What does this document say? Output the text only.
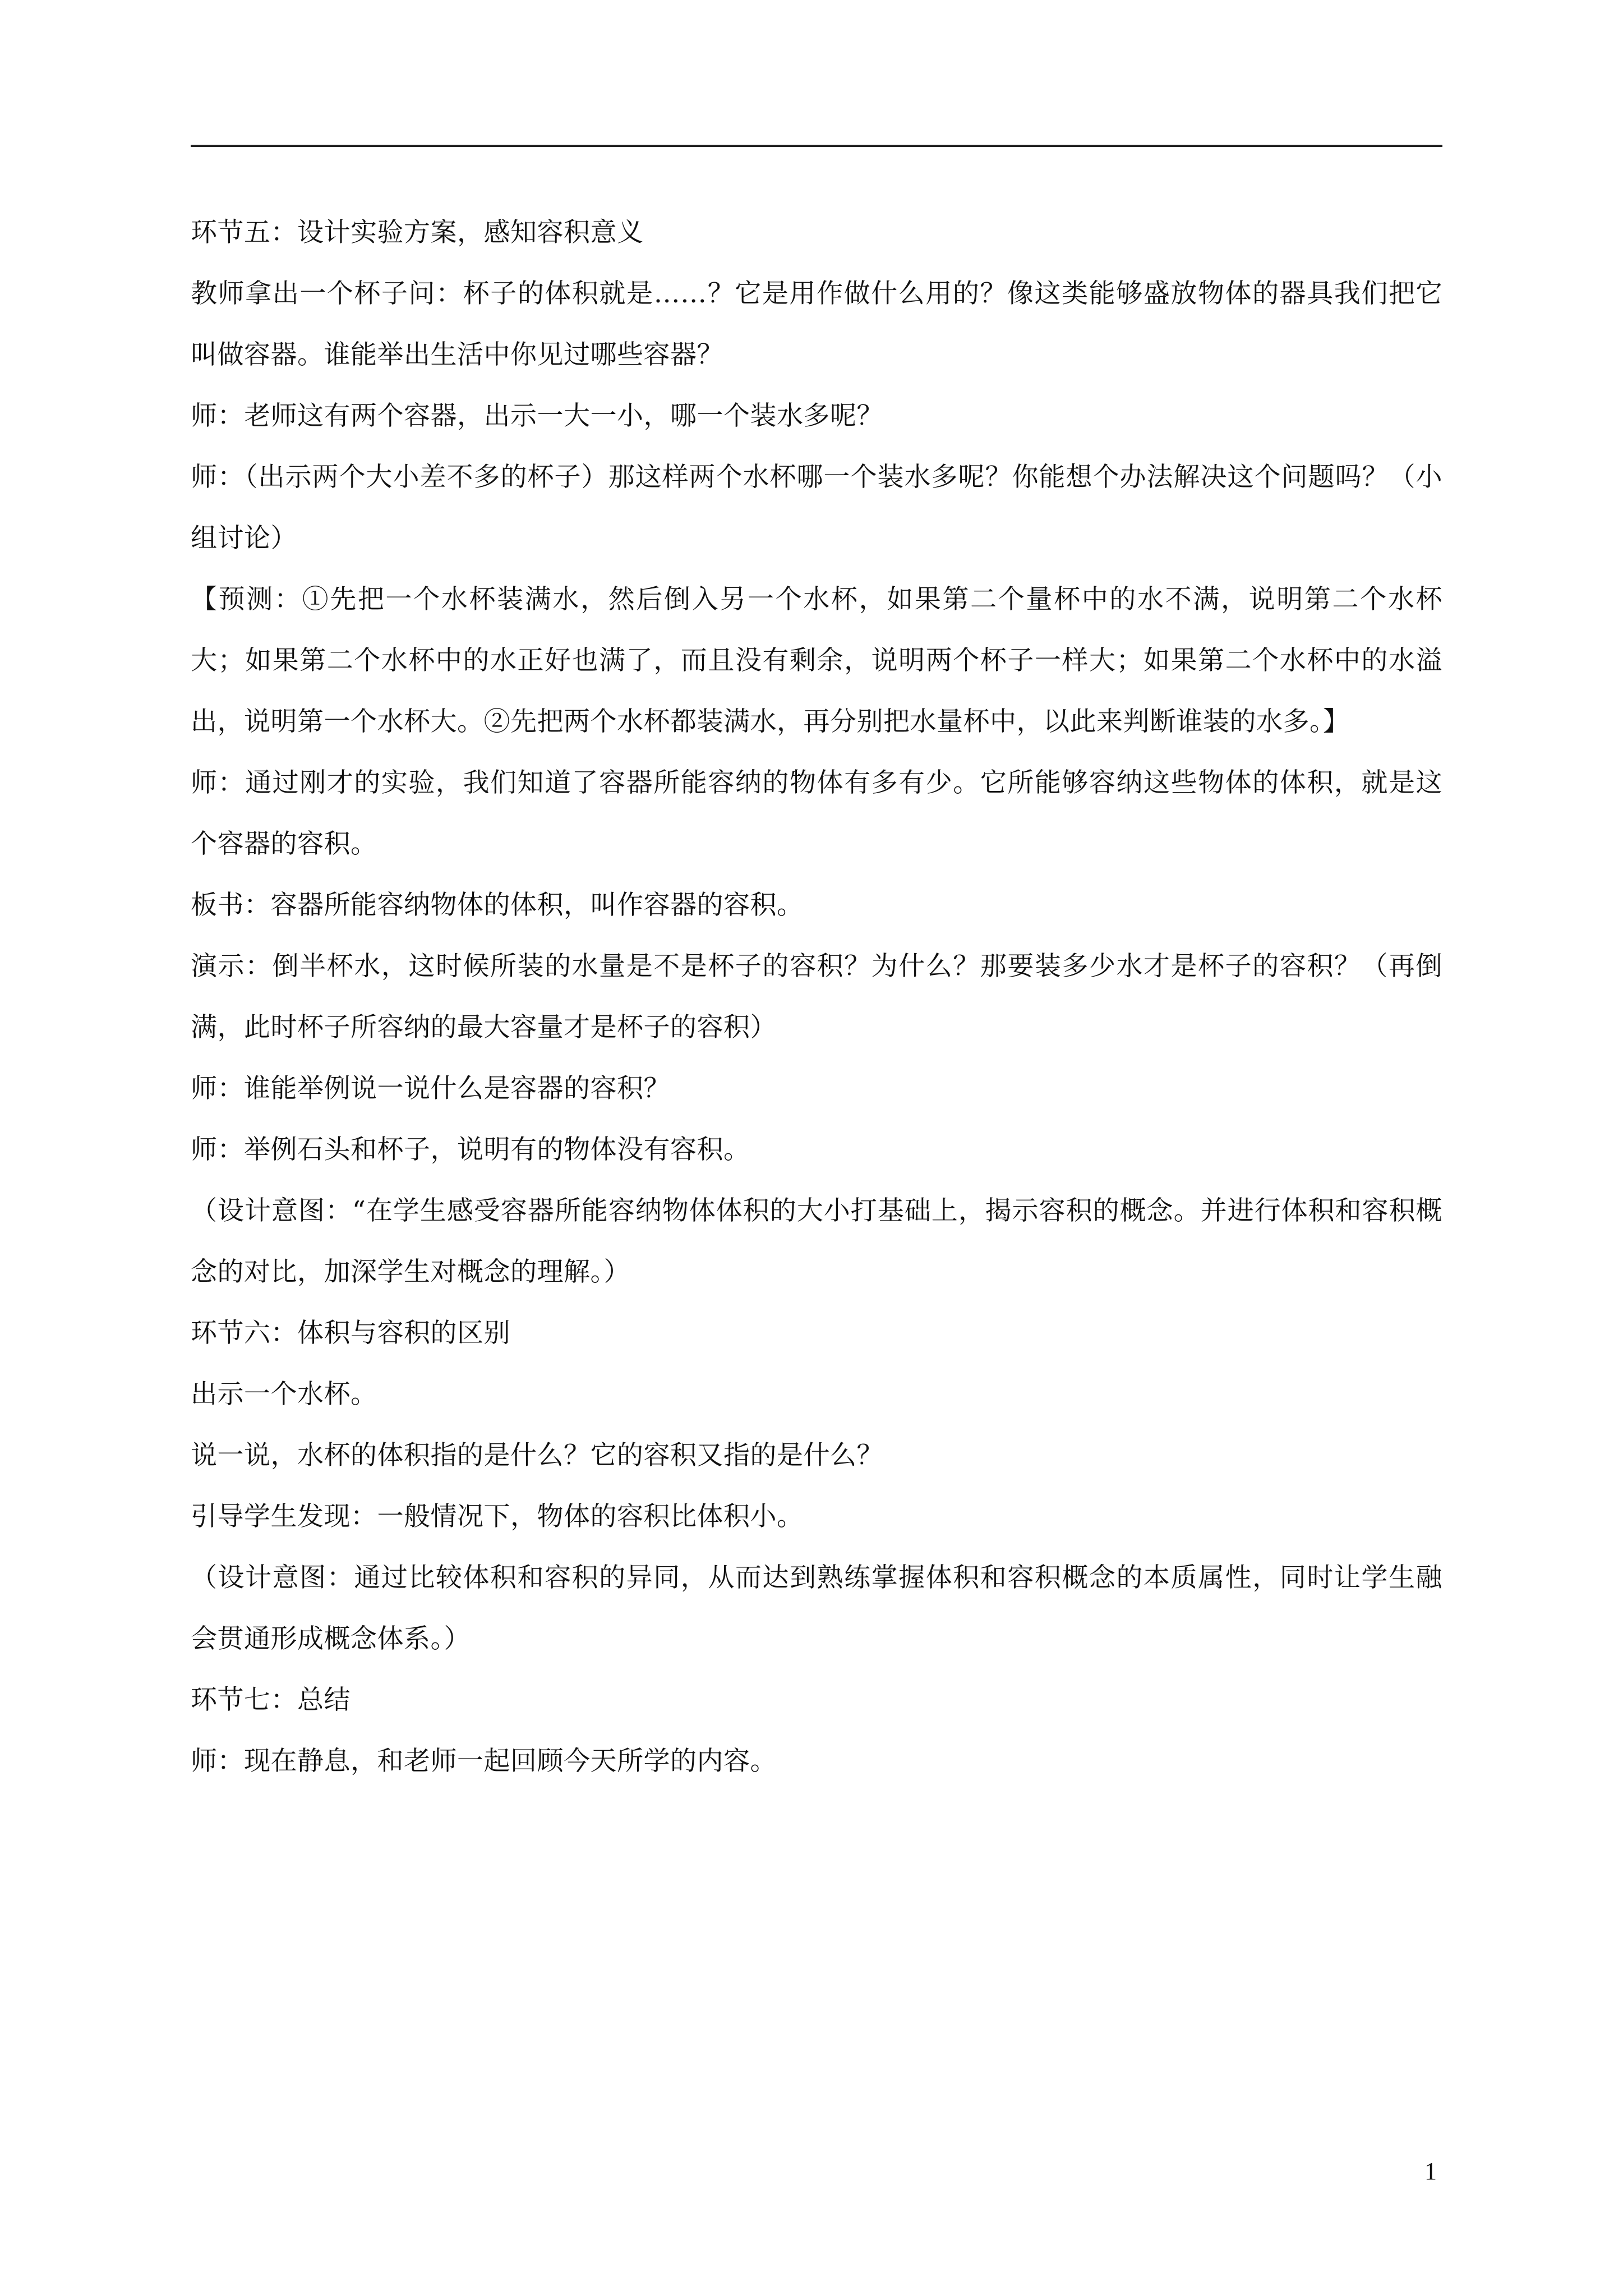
环节五：设计实验方案，感知容积意义

教师拿出一个杯子问：杯子的体积就是……？它是用作做什么用的？像这类能够盛放物体的器具我们把它叫做容器。谁能举出生活中你见过哪些容器？

师：老师这有两个容器，出示一大一小，哪一个装水多呢？

师：（出示两个大小差不多的杯子）那这样两个水杯哪一个装水多呢？你能想个办法解决这个问题吗？（小组讨论）

【预测：①先把一个水杯装满水，然后倒入另一个水杯，如果第二个量杯中的水不满，说明第二个水杯大；如果第二个水杯中的水正好也满了，而且没有剩余，说明两个杯子一样大；如果第二个水杯中的水溢出，说明第一个水杯大。②先把两个水杯都装满水，再分别把水量杯中，以此来判断谁装的水多。】

师：通过刚才的实验，我们知道了容器所能容纳的物体有多有少。它所能够容纳这些物体的体积，就是这个容器的容积。

板书：容器所能容纳物体的体积，叫作容器的容积。

演示：倒半杯水，这时候所装的水量是不是杯子的容积？为什么？那要装多少水才是杯子的容积？（再倒满，此时杯子所容纳的最大容量才是杯子的容积）

师：谁能举例说一说什么是容器的容积？

师：举例石头和杯子，说明有的物体没有容积。

（设计意图：“在学生感受容器所能容纳物体体积的大小打基础上，揭示容积的概念。并进行体积和容积概念的对比，加深学生对概念的理解。）

环节六：体积与容积的区别

出示一个水杯。

说一说，水杯的体积指的是什么？它的容积又指的是什么？

引导学生发现：一般情况下，物体的容积比体积小。

（设计意图：通过比较体积和容积的异同，从而达到熟练掌握体积和容积概念的本质属性，同时让学生融会贯通形成概念体系。）

环节七：总结

师：现在静息，和老师一起回顾今天所学的内容。

1
